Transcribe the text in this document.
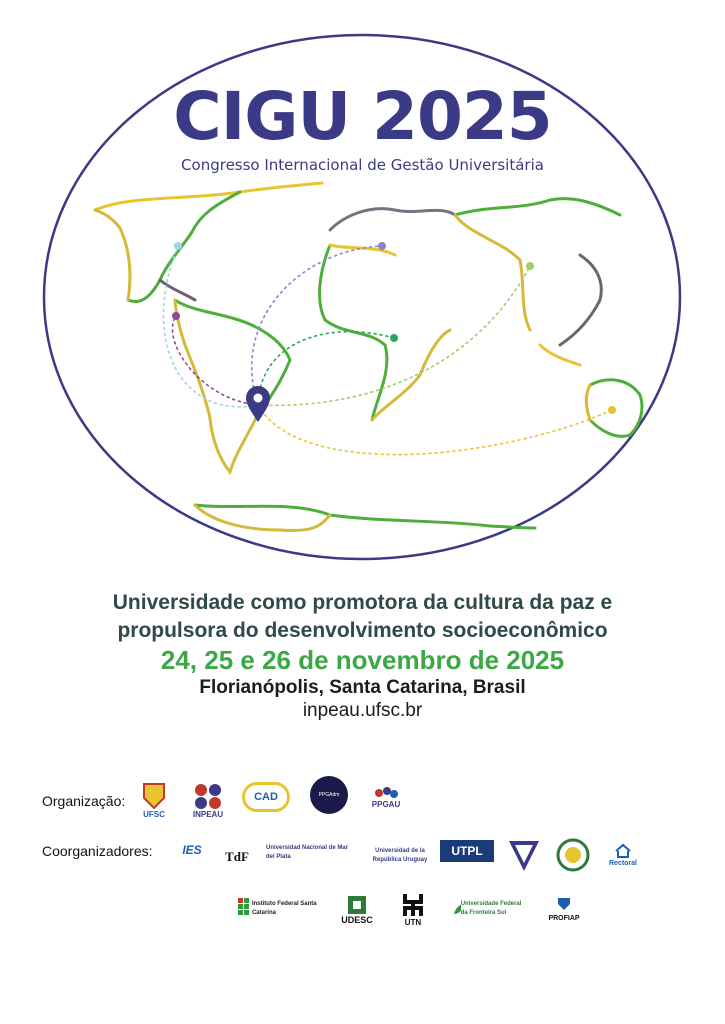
CIGU 2025
Congresso Internacional de Gestão Universitária
Universidade como promotora da cultura da paz e
propulsora do desenvolvimento socioeconômico
24, 25 e 26 de novembro de 2025
Florianópolis, Santa Catarina, Brasil
inpeau.ufsc.br
Organização:
Coorganizadores:
UFSC	INPEAU
CAD	PPGAdm
PPGAU
IES TdF
Universidad Nacional de Mar del Plata
Universidad de la República Uruguay
UTPL
Rectoral
Instituto Federal Santa Catarina
UDESC	UTN
Universidade Federal da Fronteira Sul
PROFIAP
